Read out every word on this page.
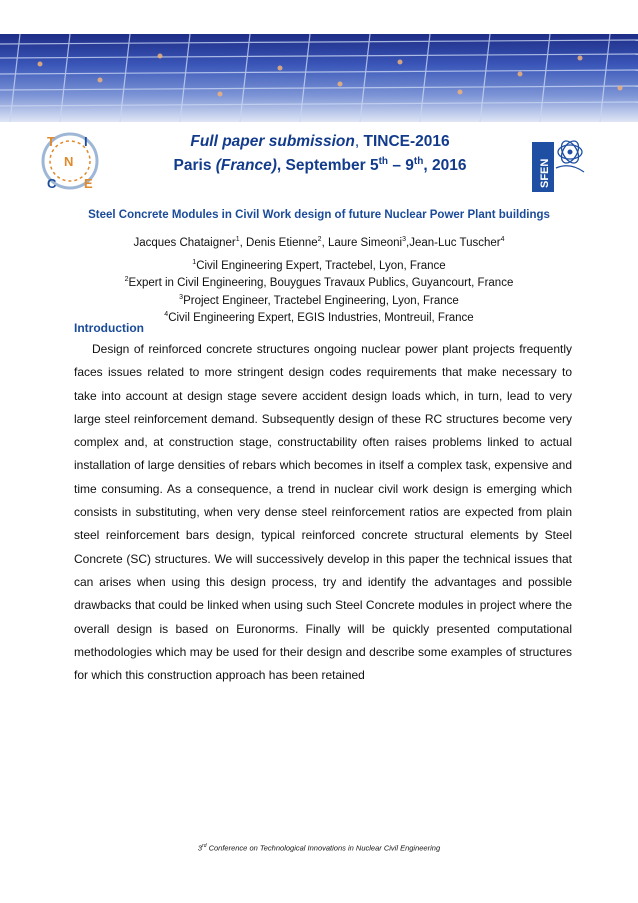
T I
N
C E	SFEN
Full paper submission, TINCE-2016
Paris (France), September 5th – 9th, 2016
Steel Concrete Modules in Civil Work design of future Nuclear Power Plant buildings
Jacques Chataigner$^1$, Denis Etienne$^2$, Laure Simeoni$^3$,Jean-Luc Tuscher$^4$
$^1$Civil Engineering Expert, Tractebel, Lyon, France
$^2$Expert in Civil Engineering, Bouygues Travaux Publics, Guyancourt, France
$^3$Project Engineer, Tractebel Engineering, Lyon, France
$^4$Civil Engineering Expert, EGIS Industries, Montreuil, France
Introduction
Design of reinforced concrete structures ongoing nuclear power plant projects frequently faces issues related to more stringent design codes requirements that make necessary to take into account at design stage severe accident design loads which, in turn, lead to very large steel reinforcement demand. Subsequently design of these RC structures become very complex and, at construction stage, constructability often raises problems linked to actual installation of large densities of rebars which becomes in itself a complex task, expensive and time consuming. As a consequence, a trend in nuclear civil work design is emerging which consists in substituting, when very dense steel reinforcement ratios are expected from plain steel reinforcement bars design, typical reinforced concrete structural elements by Steel Concrete (SC) structures. We will successively develop in this paper the technical issues that can arises when using this design process, try and identify the advantages and possible drawbacks that could be linked when using such Steel Concrete modules in project where the overall design is based on Euronorms. Finally will be quickly presented computational methodologies which may be used for their design and describe some examples of structures for which this construction approach has been retained
3rd Conference on Technological Innovations in Nuclear Civil Engineering
